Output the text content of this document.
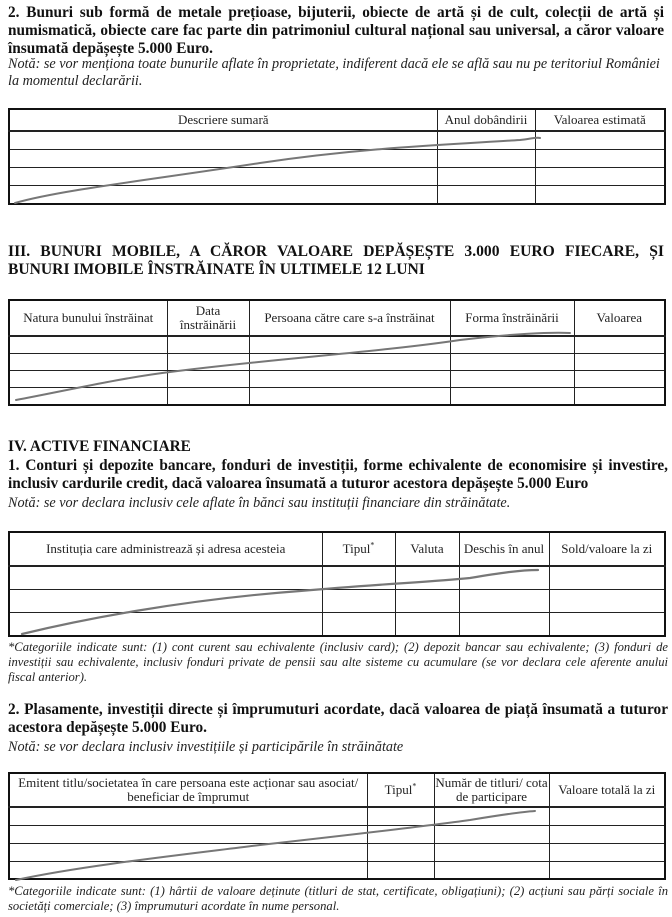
2. Bunuri sub formă de metale prețioase, bijuterii, obiecte de artă și de cult, colecții de artă și numismatică, obiecte care fac parte din patrimoniul cultural național sau universal, a căror valoare însumată depășește 5.000 Euro.
Notă: se vor menționa toate bunurile aflate în proprietate, indiferent dacă ele se află sau nu pe teritoriul României la momentul declarării.
Descriere sumară	Anul dobândirii	Valoarea estimată

III. BUNURI MOBILE, A CĂROR VALOARE DEPĂȘEȘTE 3.000 EURO FIECARE, ȘI BUNURI IMOBILE ÎNSTRĂINATE ÎN ULTIMELE 12 LUNI
Natura bunului înstrăinat	Data înstrăinării	Persoana către care s-a înstrăinat	Forma înstrăinării	Valoarea

IV. ACTIVE FINANCIARE
1. Conturi și depozite bancare, fonduri de investiții, forme echivalente de economisire și investire, inclusiv cardurile credit, dacă valoarea însumată a tuturor acestora depășește 5.000 Euro
Notă: se vor declara inclusiv cele aflate în bănci sau instituții financiare din străinătate.
Instituția care administrează și adresa acesteia	Tipul*	Valuta	Deschis în anul	Sold/valoare la zi

*Categoriile indicate sunt: (1) cont curent sau echivalente (inclusiv card); (2) depozit bancar sau echivalente; (3) fonduri de investiții sau echivalente, inclusiv fonduri private de pensii sau alte sisteme cu acumulare (se vor declara cele aferente anului fiscal anterior).
2. Plasamente, investiții directe și împrumuturi acordate, dacă valoarea de piață însumată a tuturor acestora depășește 5.000 Euro.
Notă: se vor declara inclusiv investițiile și participările în străinătate
Emitent titlu/societatea în care persoana este acționar sau asociat/ beneficiar de împrumut	Tipul*	Număr de titluri/ cota de participare	Valoare totală la zi

*Categoriile indicate sunt: (1) hârtii de valoare deținute (titluri de stat, certificate, obligațiuni); (2) acțiuni sau părți sociale în societăți comerciale; (3) împrumuturi acordate în nume personal.
